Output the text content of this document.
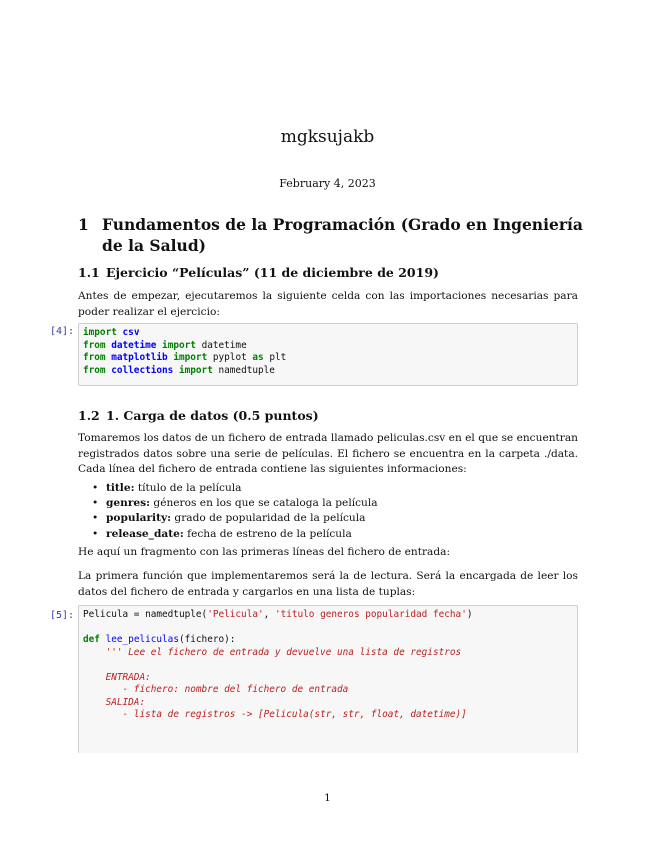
mgksujakb
February 4, 2023
1 Fundamentos de la Programación (Grado en Ingeniería de la Salud)
1.1 Ejercicio “Películas” (11 de diciembre de 2019)
Antes de empezar, ejecutaremos la siguiente celda con las importaciones necesarias para poder realizar el ejercicio:
[4]: import csv
from datetime import datetime
from matplotlib import pyplot as plt
from collections import namedtuple
1.2 1. Carga de datos (0.5 puntos)
Tomaremos los datos de un fichero de entrada llamado peliculas.csv en el que se encuentran registrados datos sobre una serie de películas. El fichero se encuentra en la carpeta ./data. Cada línea del fichero de entrada contiene las siguientes informaciones:
• title: título de la película
• genres: géneros en los que se cataloga la película
• popularity: grado de popularidad de la película
• release_date: fecha de estreno de la película
He aquí un fragmento con las primeras líneas del fichero de entrada:
La primera función que implementaremos será la de lectura. Será la encargada de leer los datos del fichero de entrada y cargarlos en una lista de tuplas:
[5]: Pelicula = namedtuple('Pelicula', 'titulo generos popularidad fecha')

def lee_peliculas(fichero):
''' Lee el fichero de entrada y devuelve una lista de registros

ENTRADA:
- fichero: nombre del fichero de entrada
SALIDA:
- lista de registros -> [Pelicula(str, str, float, datetime)]

1
